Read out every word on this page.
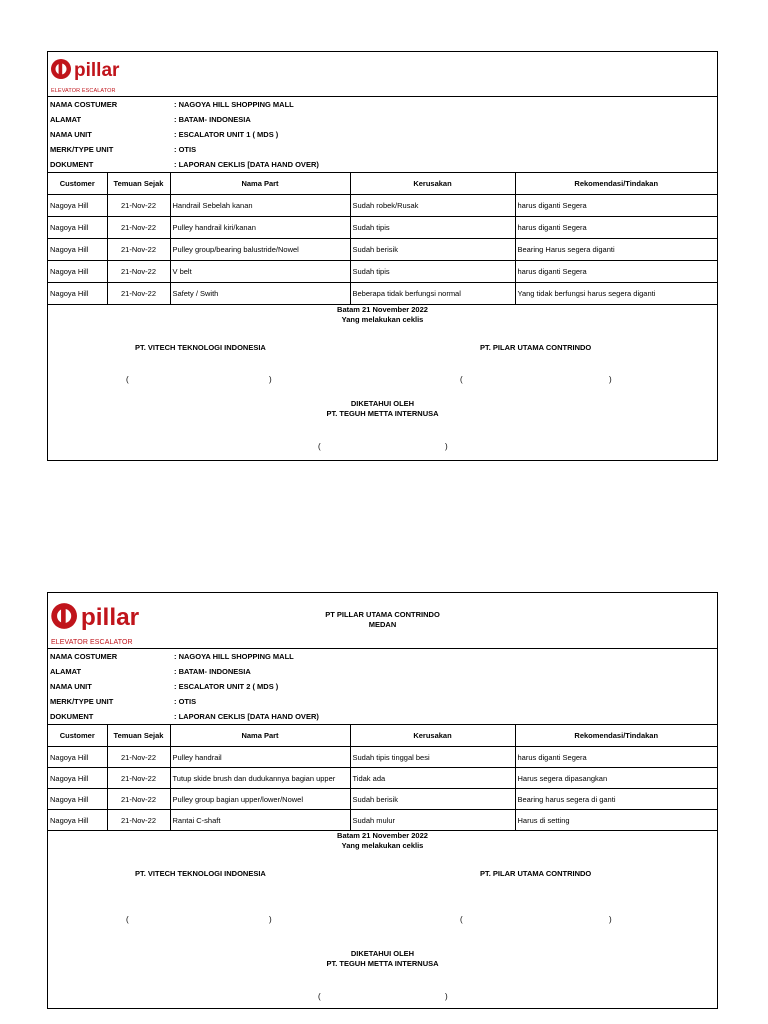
pillar
ELEVATOR ESCALATOR
NAMA COSTUMER	: NAGOYA HILL SHOPPING MALL
ALAMAT	: BATAM- INDONESIA
NAMA UNIT	: ESCALATOR UNIT 1 ( MDS )
MERK/TYPE UNIT	: OTIS
DOKUMENT	: LAPORAN CEKLIS [DATA HAND OVER)
Customer	Temuan Sejak	Nama Part	Kerusakan	Rekomendasi/Tindakan
Nagoya Hill	21-Nov-22	Handrail Sebelah kanan	Sudah robek/Rusak	harus diganti Segera
Nagoya Hill	21-Nov-22	Pulley handrail kiri/kanan	Sudah tipis	harus diganti Segera
Nagoya Hill	21-Nov-22	Pulley group/bearing balustride/Nowel	Sudah berisik	Bearing Harus segera diganti
Nagoya Hill	21-Nov-22	V belt	Sudah tipis	harus diganti Segera
Nagoya Hill	21-Nov-22	Safety / Swith	Beberapa tidak berfungsi normal	Yang tidak berfungsi harus segera diganti
Batam 21 November 2022
Yang melakukan ceklis
PT. VITECH TEKNOLOGI INDONESIA	PT. PILAR UTAMA CONTRINDO
(	)	(	)
DIKETAHUI OLEH
PT. TEGUH METTA INTERNUSA
(	)
pillar
ELEVATOR ESCALATOR
PT PILLAR UTAMA CONTRINDO
MEDAN
NAMA COSTUMER	: NAGOYA HILL SHOPPING MALL
ALAMAT	: BATAM- INDONESIA
NAMA UNIT	: ESCALATOR UNIT 2 ( MDS )
MERK/TYPE UNIT	: OTIS
DOKUMENT	: LAPORAN CEKLIS [DATA HAND OVER)
Customer	Temuan Sejak	Nama Part	Kerusakan	Rekomendasi/Tindakan
Nagoya Hill	21-Nov-22	Pulley handrail	Sudah tipis tinggal besi	harus diganti Segera
Nagoya Hill	21-Nov-22	Tutup skide brush dan dudukannya bagian upper	Tidak ada	Harus segera dipasangkan
Nagoya Hill	21-Nov-22	Pulley group bagian upper/lower/Nowel	Sudah berisik	Bearing harus segera di ganti
Nagoya Hill	21-Nov-22	Rantai C-shaft	Sudah mulur	Harus di setting
Batam 21 November 2022
Yang melakukan ceklis
PT. VITECH TEKNOLOGI INDONESIA	PT. PILAR UTAMA CONTRINDO
(	)	(	)
DIKETAHUI OLEH
PT. TEGUH METTA INTERNUSA
(	)
